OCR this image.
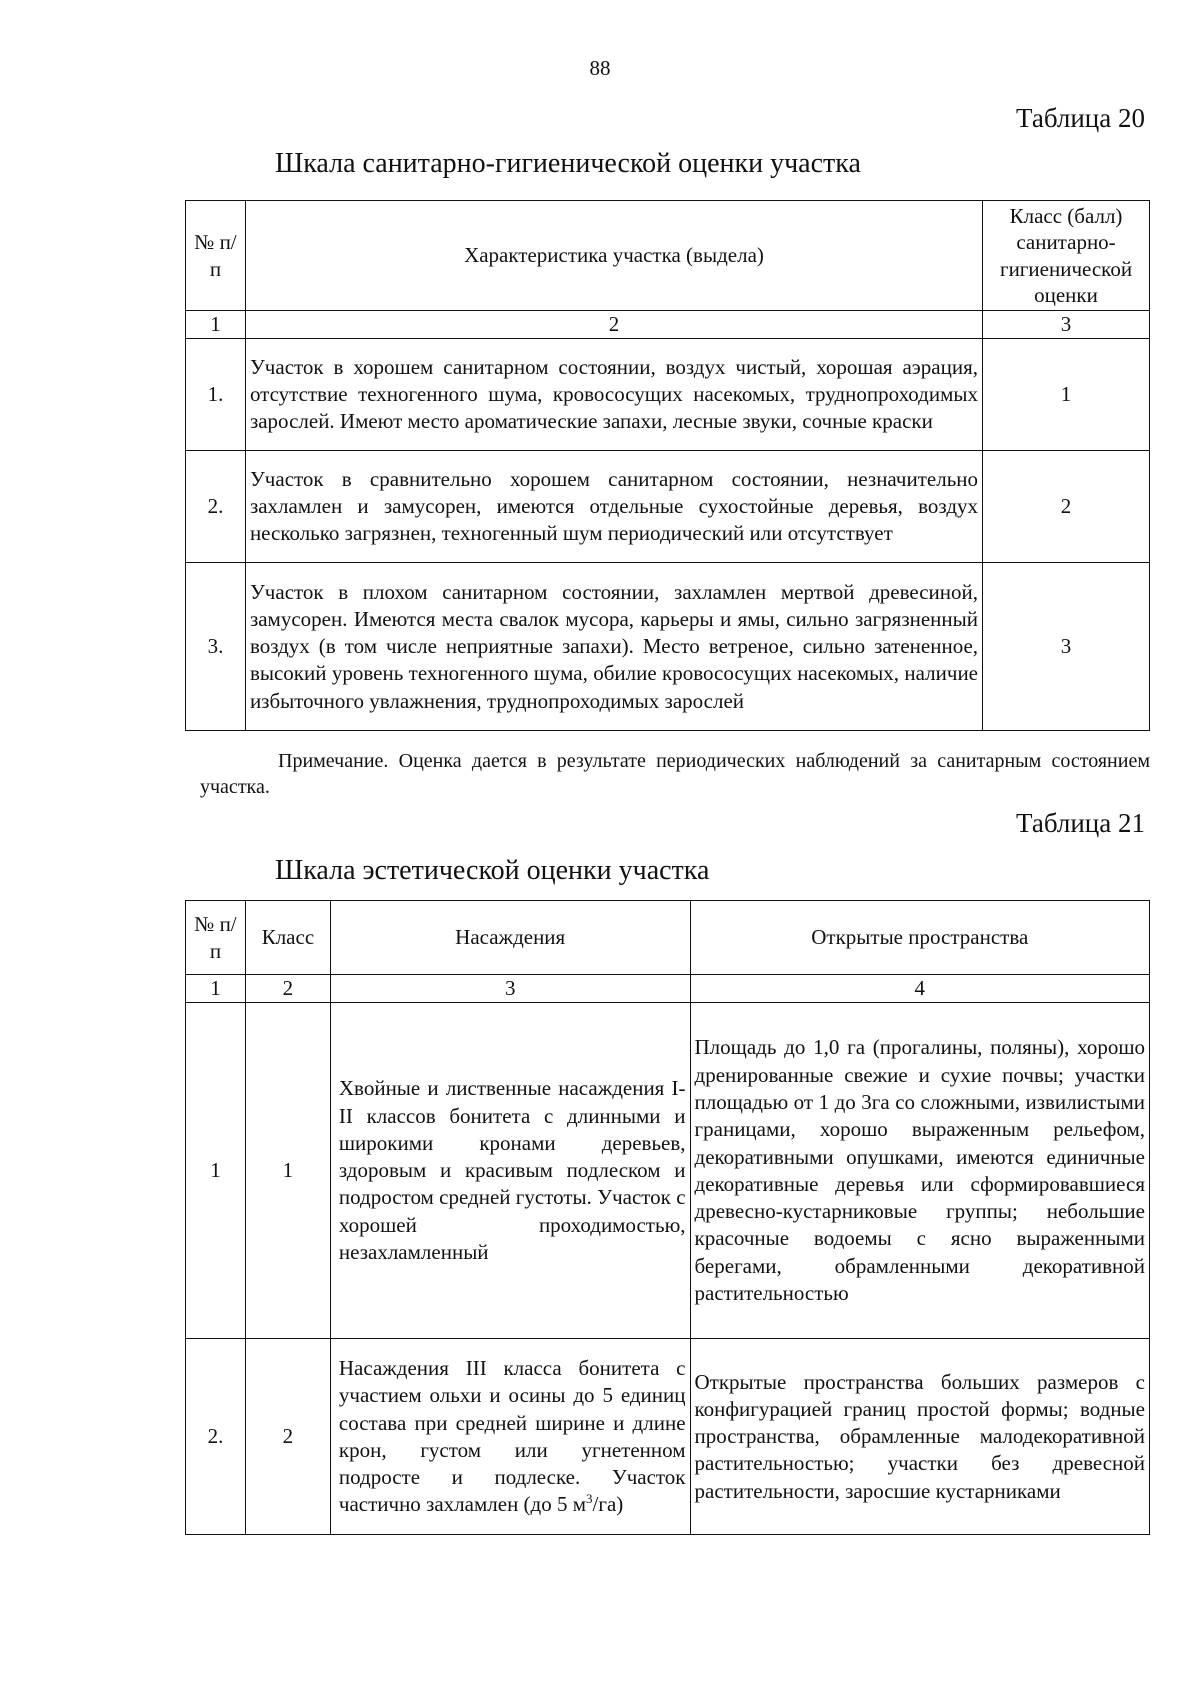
88
Таблица 20
Шкала санитарно-гигиенической оценки участка
№ п/п	Характеристика участка (выдела)	Класс (балл) санитарно-гигиенической оценки
1	2	3
1.	Участок в хорошем санитарном состоянии, воздух чистый, хорошая аэрация, отсутствие техногенного шума, кровососущих насекомых, труднопроходимых зарослей. Имеют место ароматические запахи, лесные звуки, сочные краски	1
2.	Участок в сравнительно хорошем санитарном состоянии, незначительно захламлен и замусорен, имеются отдельные сухостойные деревья, воздух несколько загрязнен, техногенный шум периодический или отсутствует	2
3.	Участок в плохом санитарном состоянии, захламлен мертвой древесиной, замусорен. Имеются места свалок мусора, карьеры и ямы, сильно загрязненный воздух (в том числе неприятные запахи). Место ветреное, сильно затененное, высокий уровень техногенного шума, обилие кровососущих насекомых, наличие избыточного увлажнения, труднопроходимых зарослей	3
Примечание. Оценка дается в результате периодических наблюдений за санитарным состоянием участка.
Таблица 21
Шкала эстетической оценки участка
№ п/п	Класс	Насаждения	Открытые пространства
1	2	3	4
1	1	Хвойные и лиственные насаждения I-II классов бонитета с длинными и широкими кронами деревьев, здоровым и красивым подлеском и подростом средней густоты. Участок с хорошей проходимостью, незахламленный	Площадь до 1,0 га (прогалины, поляны), хорошо дренированные свежие и сухие почвы; участки площадью от 1 до 3га со сложными, извилистыми границами, хорошо выраженным рельефом, декоративными опушками, имеются единичные декоративные деревья или сформировавшиеся древесно-кустарниковые группы; небольшие красочные водоемы с ясно выраженными берегами, обрамленными декоративной растительностью
2.	2	Насаждения III класса бонитета с участием ольхи и осины до 5 единиц состава при средней ширине и длине крон, густом или угнетенном подросте и подлеске. Участок частично захламлен (до 5 $м^3/га$)	Открытые пространства больших размеров с конфигурацией границ простой формы; водные пространства, обрамленные малодекоративной растительностью; участки без древесной растительности, заросшие кустарниками
